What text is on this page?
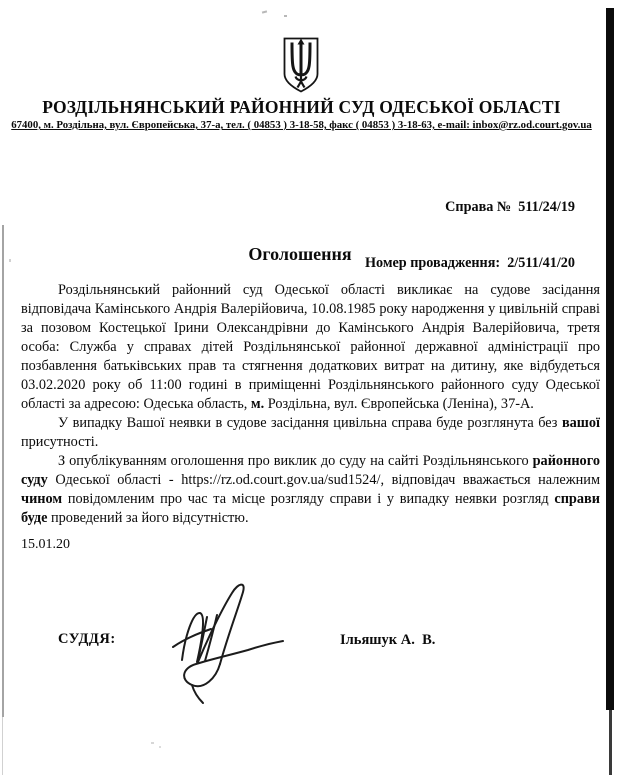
РОЗДІЛЬНЯНСЬКИЙ РАЙОННИЙ СУД ОДЕСЬКОЇ ОБЛАСТІ
67400, м. Роздільна, вул. Європейська, 37-а, тел. ( 04853 ) 3-18-58, факс ( 04853 ) 3-18-63, e-mail: inbox@rz.od.court.gov.ua

Справа №  511/24/19

Номер провадження:  2/511/41/20

Оголошення
Роздільнянський районний суд Одеської області викликає на судове засідання відповідача Камінського Андрія Валерійовича, 10.08.1985 року народження у цивільній справі за позовом Костецької Ірини Олександрівни до Камінського Андрія Валерійовича, третя особа: Служба у справах дітей Роздільнянської районної державної адміністрації про позбавлення батьківських прав та стягнення додаткових витрат на дитину, яке відбудеться 03.02.2020 року об 11:00 годині в приміщенні Роздільнянського районного суду Одеської області за адресою: Одеська область, м. Роздільна, вул. Європейська (Леніна), 37-А.
У випадку Вашої неявки в судове засідання цивільна справа буде розглянута без вашої присутності.
З опублікуванням оголошення про виклик до суду на сайті Роздільнянського районного суду Одеської області - https://rz.od.court.gov.ua/sud1524/, відповідач вважається належним чином повідомленим про час та місце розгляду справи і у випадку неявки розгляд справи буде проведений за його відсутністю.
15.01.20
СУДДЯ:	Ільяшук А.  В.
